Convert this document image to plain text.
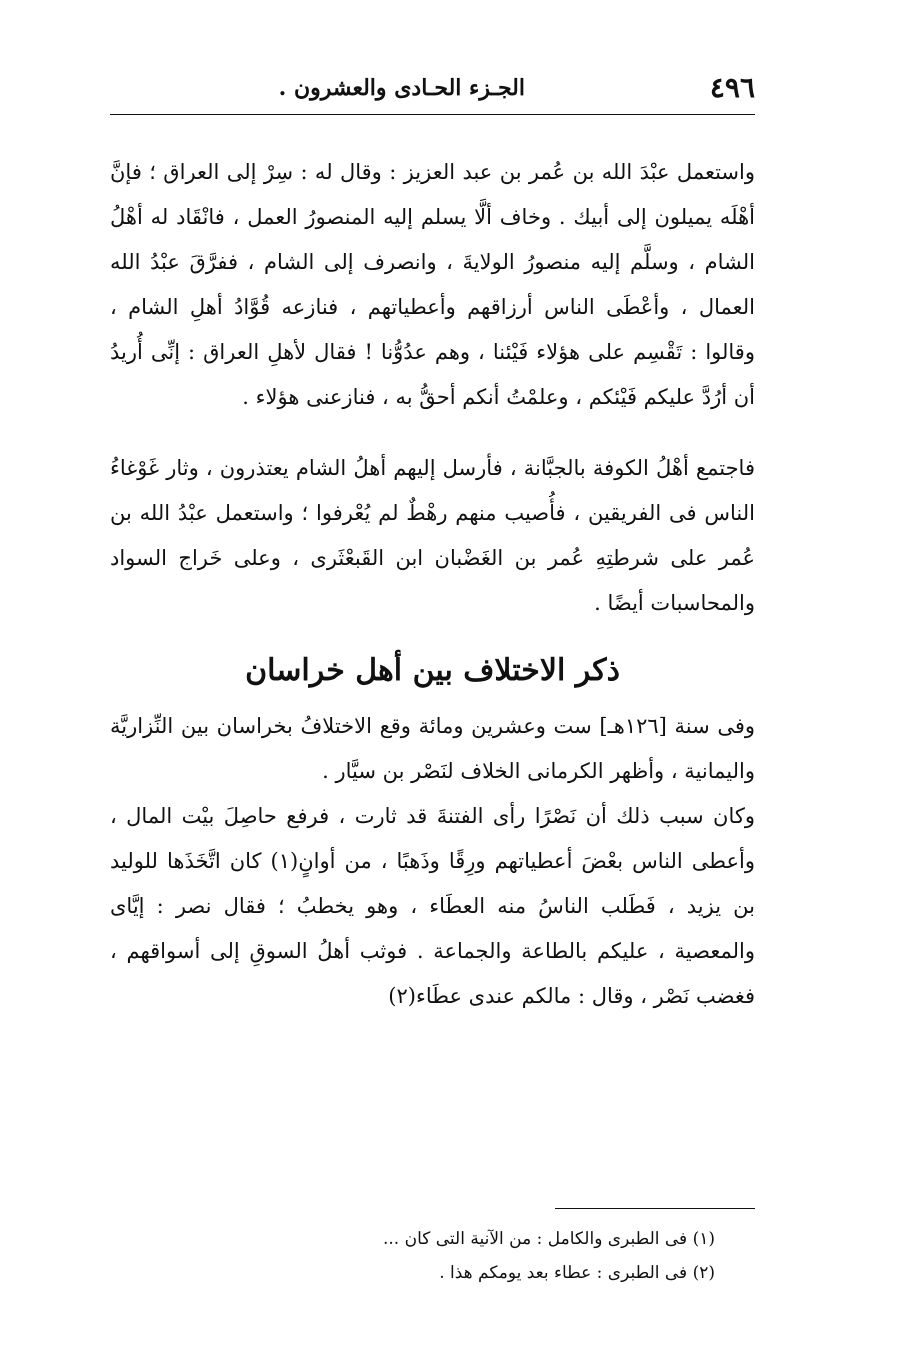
٤٩٦
الجـزء الحـادى والعشرون .

واستعمل عبْدَ الله بن عُمر بن عبد العزيز : وقال له : سِرْ إلى العراق ؛ فإنَّ أهْلَه يميلون إلى أبيك . وخاف ألَّا يسلم إليه المنصورُ العمل ، فانْقَاد له أهْلُ الشام ، وسلَّم إليه منصورُ الولايةَ ، وانصرف إلى الشام ، ففرَّقَ عبْدُ الله العمال ، وأعْطَى الناس أرزاقهم وأعطياتهم ، فنازعه قُوَّادُ أهلِ الشام ، وقالوا : تَقْسِم على هؤلاء فَيْئنا ، وهم عدُوُّنا ! فقال لأهلِ العراق : إنِّى أُريدُ أن أرُدَّ عليكم فَيْئكم ، وعلمْتُ أنكم أحقُّ به ، فنازعنى هؤلاء .

فاجتمع أهْلُ الكوفة بالجبَّانة ، فأرسل إليهم أهلُ الشام يعتذرون ، وثار غَوْغاءُ الناس فى الفريقين ، فأُصيب منهم رهْطٌ لم يُعْرفوا ؛ واستعمل عبْدُ الله بن عُمر على شرطتِهِ عُمر بن الغَضْبان ابن القَبعْثَرى ، وعلى خَراج السواد والمحاسبات أيضًا .

ذكر الاختلاف بين أهل خراسان

وفى سنة [١٢٦هـ] ست وعشرين ومائة وقع الاختلافُ بخراسان بين النِّزاريَّة واليمانية ، وأظهر الكرمانى الخلاف لنَصْر بن سيَّار .

وكان سبب ذلك أن نَصْرًا رأى الفتنةَ قد ثارت ، فرفع حاصِلَ بيْت المال ، وأعطى الناس بعْضَ أعطياتهم ورِقًا وذَهبًا ، من أوانٍ(١) كان اتَّخَذَها للوليد بن يزيد ، فَطَلب الناسُ منه العطَاء ، وهو يخطبُ ؛ فقال نصر : إيَّاى والمعصية ، عليكم بالطاعة والجماعة . فوثب أهلُ السوقِ إلى أسواقهم ، فغضب نَصْر ، وقال : مالكم عندى عطَاء(٢)

(١) فى الطبرى والكامل : من الآنية التى كان ...
(٢) فى الطبرى : عطاء بعد يومكم هذا .
